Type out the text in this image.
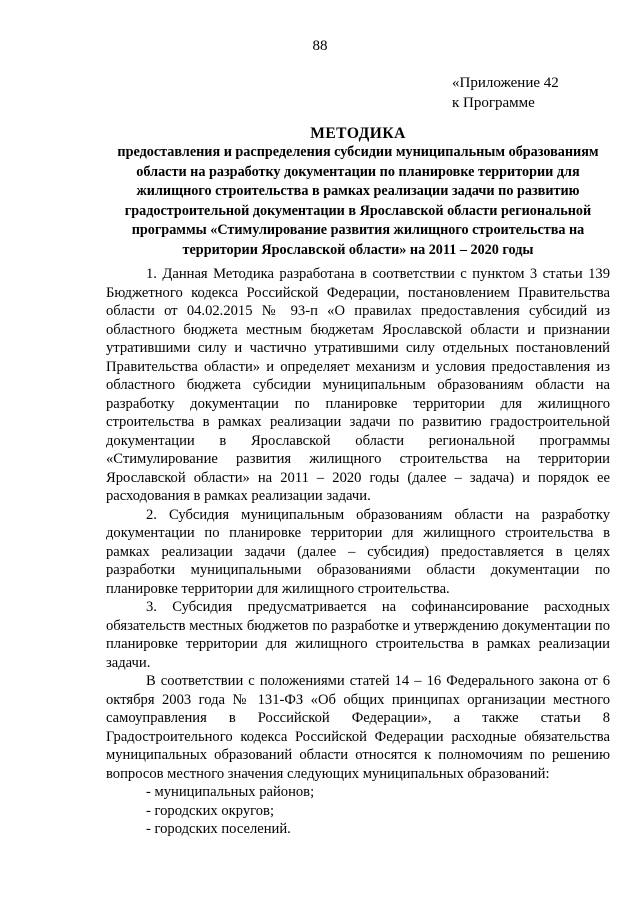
88
«Приложение 42
к Программе
МЕТОДИКА
предоставления и распределения субсидии муниципальным образованиям области на разработку документации по планировке территории для жилищного строительства в рамках реализации задачи по развитию градостроительной документации в Ярославской области региональной программы «Стимулирование развития жилищного строительства на территории Ярославской области» на 2011 – 2020 годы

1. Данная Методика разработана в соответствии с пунктом 3 статьи 139 Бюджетного кодекса Российской Федерации, постановлением Правительства области от 04.02.2015 № 93-п «О правилах предоставления субсидий из областного бюджета местным бюджетам Ярославской области и признании утратившими силу и частично утратившими силу отдельных постановлений Правительства области» и определяет механизм и условия предоставления из областного бюджета субсидии муниципальным образованиям области на разработку документации по планировке территории для жилищного строительства в рамках реализации задачи по развитию градостроительной документации в Ярославской области региональной программы «Стимулирование развития жилищного строительства на территории Ярославской области» на 2011 – 2020 годы (далее – задача) и порядок ее расходования в рамках реализации задачи.

2. Субсидия муниципальным образованиям области на разработку документации по планировке территории для жилищного строительства в рамках реализации задачи (далее – субсидия) предоставляется в целях разработки муниципальными образованиями области документации по планировке территории для жилищного строительства.

3. Субсидия предусматривается на софинансирование расходных обязательств местных бюджетов по разработке и утверждению документации по планировке территории для жилищного строительства в рамках реализации задачи.

В соответствии с положениями статей 14 – 16 Федерального закона от 6 октября 2003 года № 131-ФЗ «Об общих принципах организации местного самоуправления в Российской Федерации», а также статьи 8 Градостроительного кодекса Российской Федерации расходные обязательства муниципальных образований области относятся к полномочиям по решению вопросов местного значения следующих муниципальных образований:

- муниципальных районов;
- городских округов;
- городских поселений.
